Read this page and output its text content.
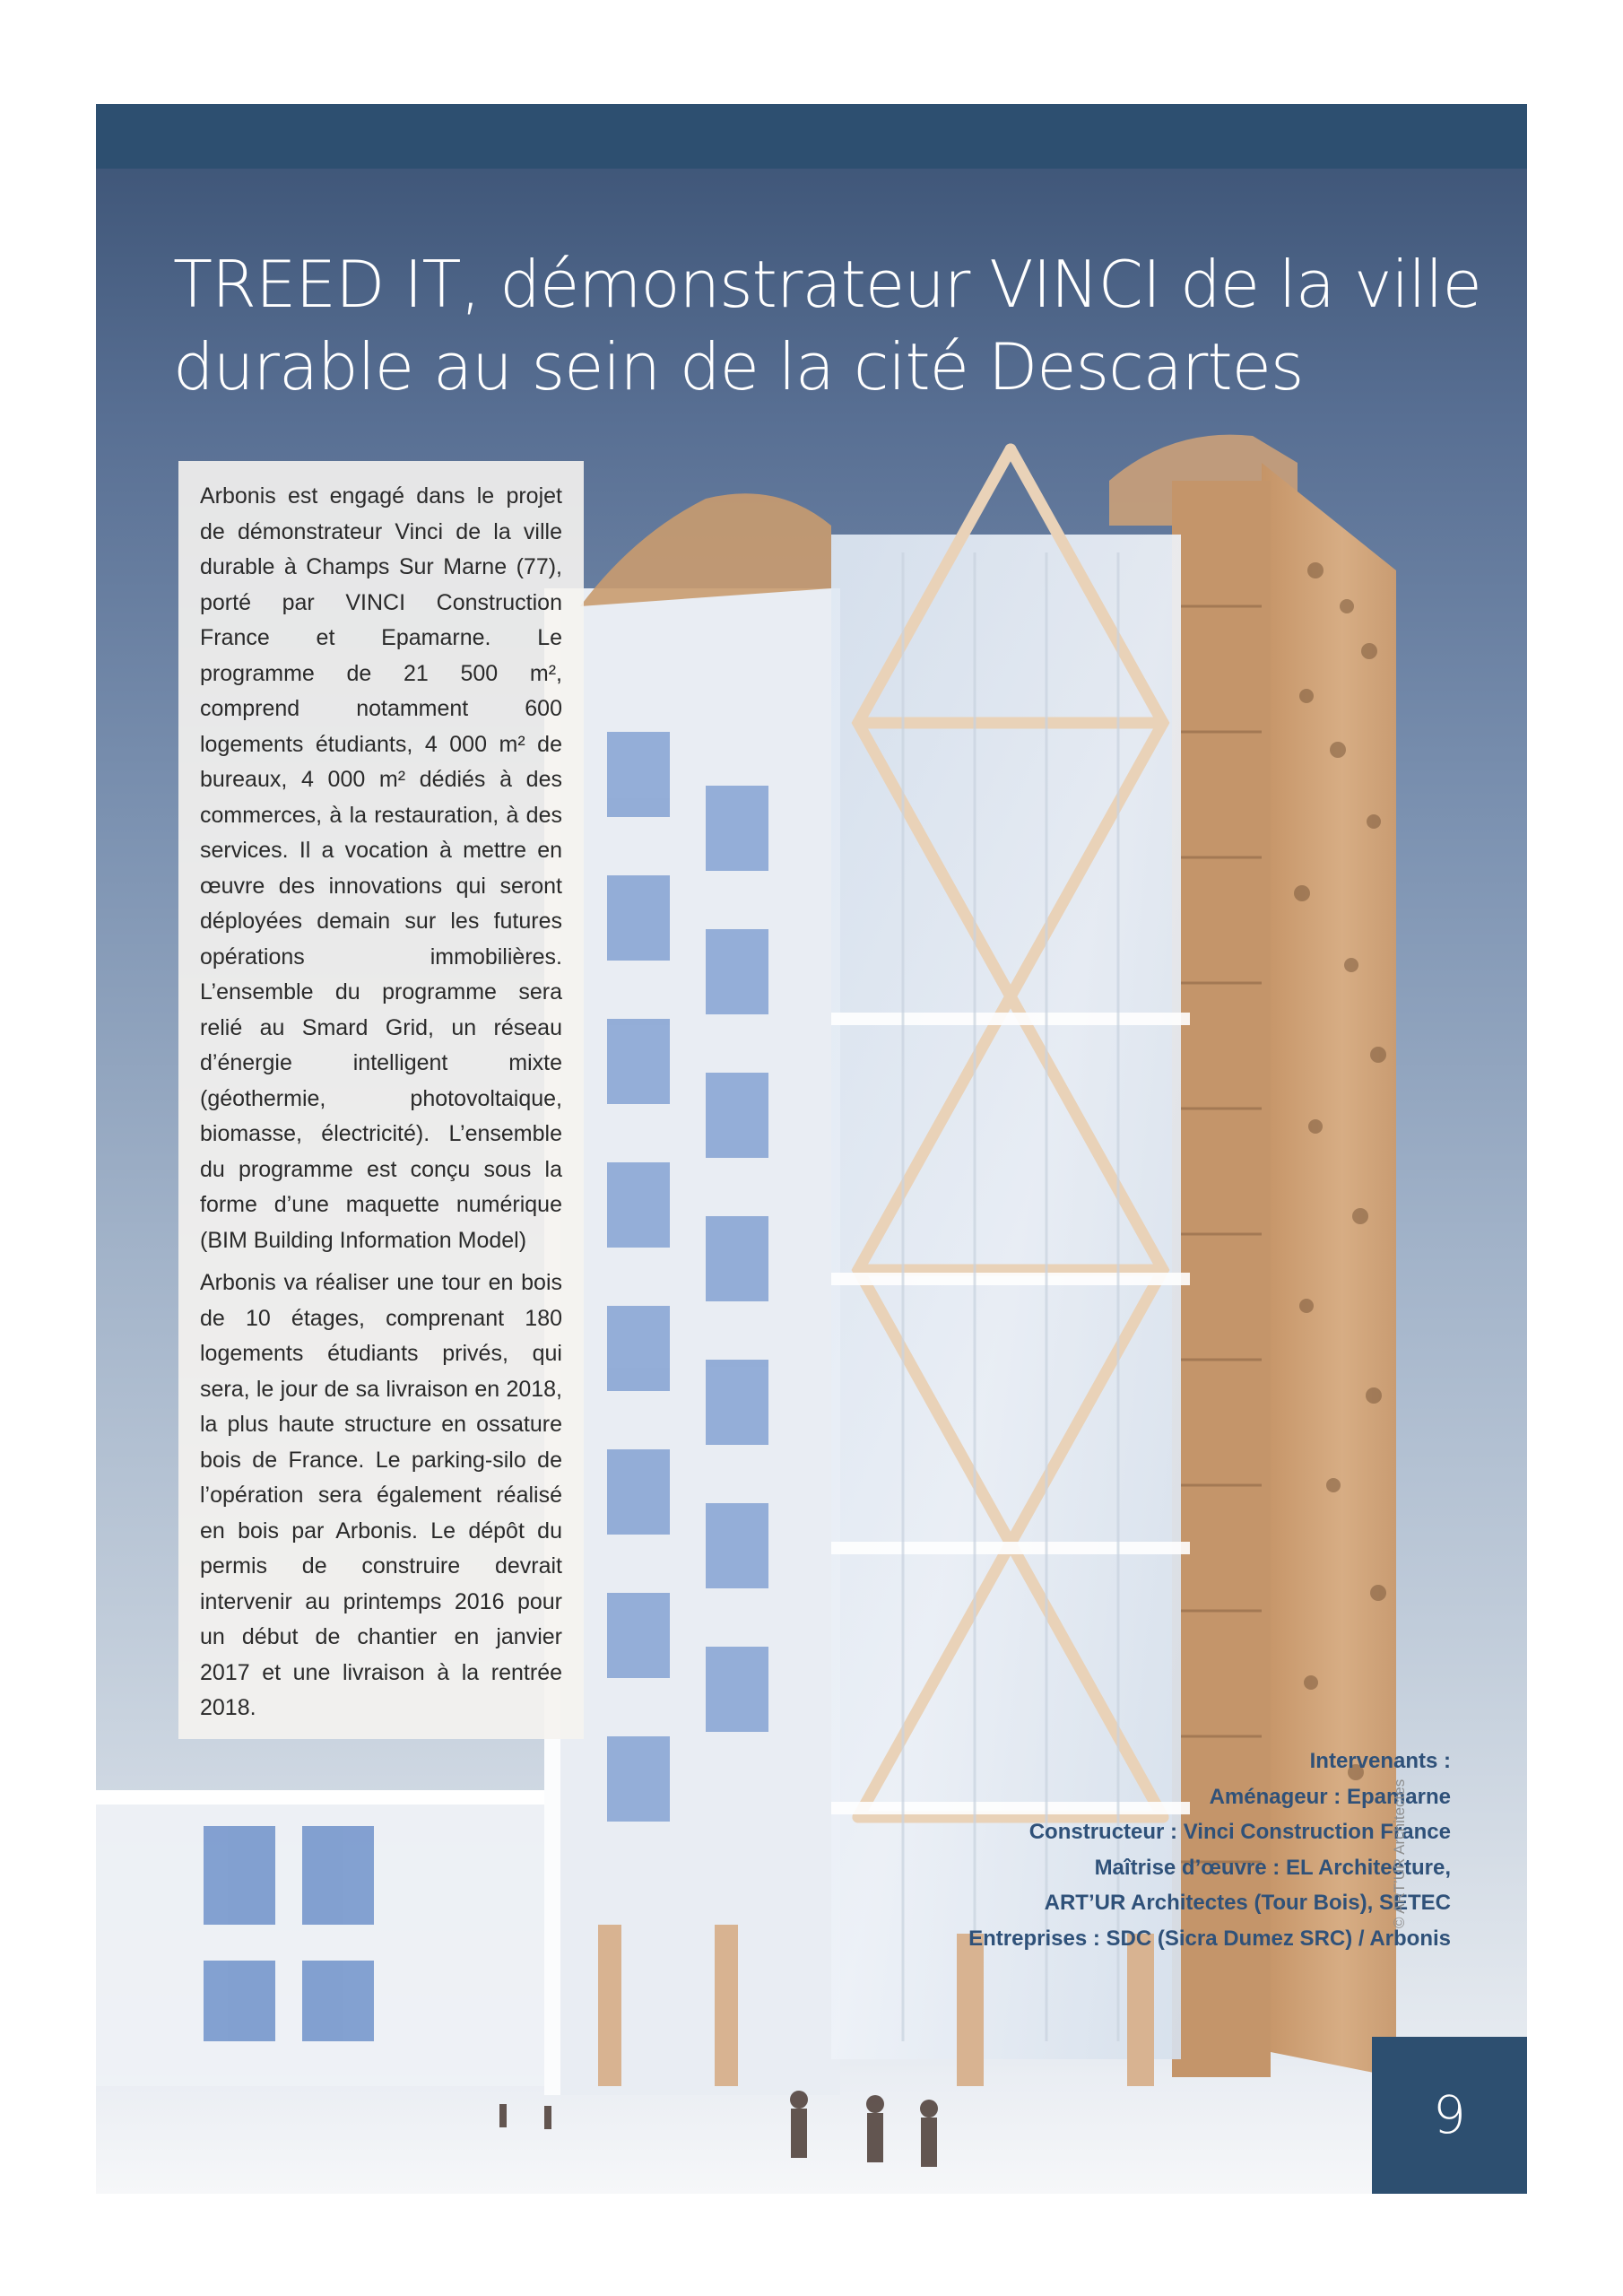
TREED IT, démonstrateur VINCI de la ville
durable au sein de la cité Descartes

Arbonis est engagé dans le projet de démonstrateur Vinci de la ville durable à Champs Sur Marne (77), porté par VINCI Construction France et Epamarne. Le programme de 21 500 m², comprend notamment 600 logements étudiants, 4 000 m² de bureaux, 4 000 m² dédiés à des commerces, à la restauration, à des services. Il a vocation à mettre en œuvre des innovations qui seront déployées demain sur les futures opérations immobilières. L’ensemble du programme sera relié au Smard Grid, un réseau d’énergie intelligent mixte (géothermie, photovoltaique, biomasse, électricité). L’ensemble du programme est conçu sous la forme d’une maquette numérique (BIM Building Information Model)

Arbonis va réaliser une tour en bois de 10 étages, comprenant 180 logements étudiants privés, qui sera, le jour de sa livraison en 2018, la plus haute structure en ossature bois de France. Le parking-silo de l’opération sera également réalisé en bois par Arbonis. Le dépôt du permis de construire devrait intervenir au printemps 2016 pour un début de chantier en janvier 2017 et une livraison à la rentrée 2018.

Intervenants :
Aménageur : Epamarne
Constructeur : Vinci Construction France
Maîtrise d’œuvre : EL Architecture,
ART’UR Architectes (Tour Bois), SETEC
Entreprises : SDC (Sicra Dumez SRC) / Arbonis
9
© ART’UR Architectes
